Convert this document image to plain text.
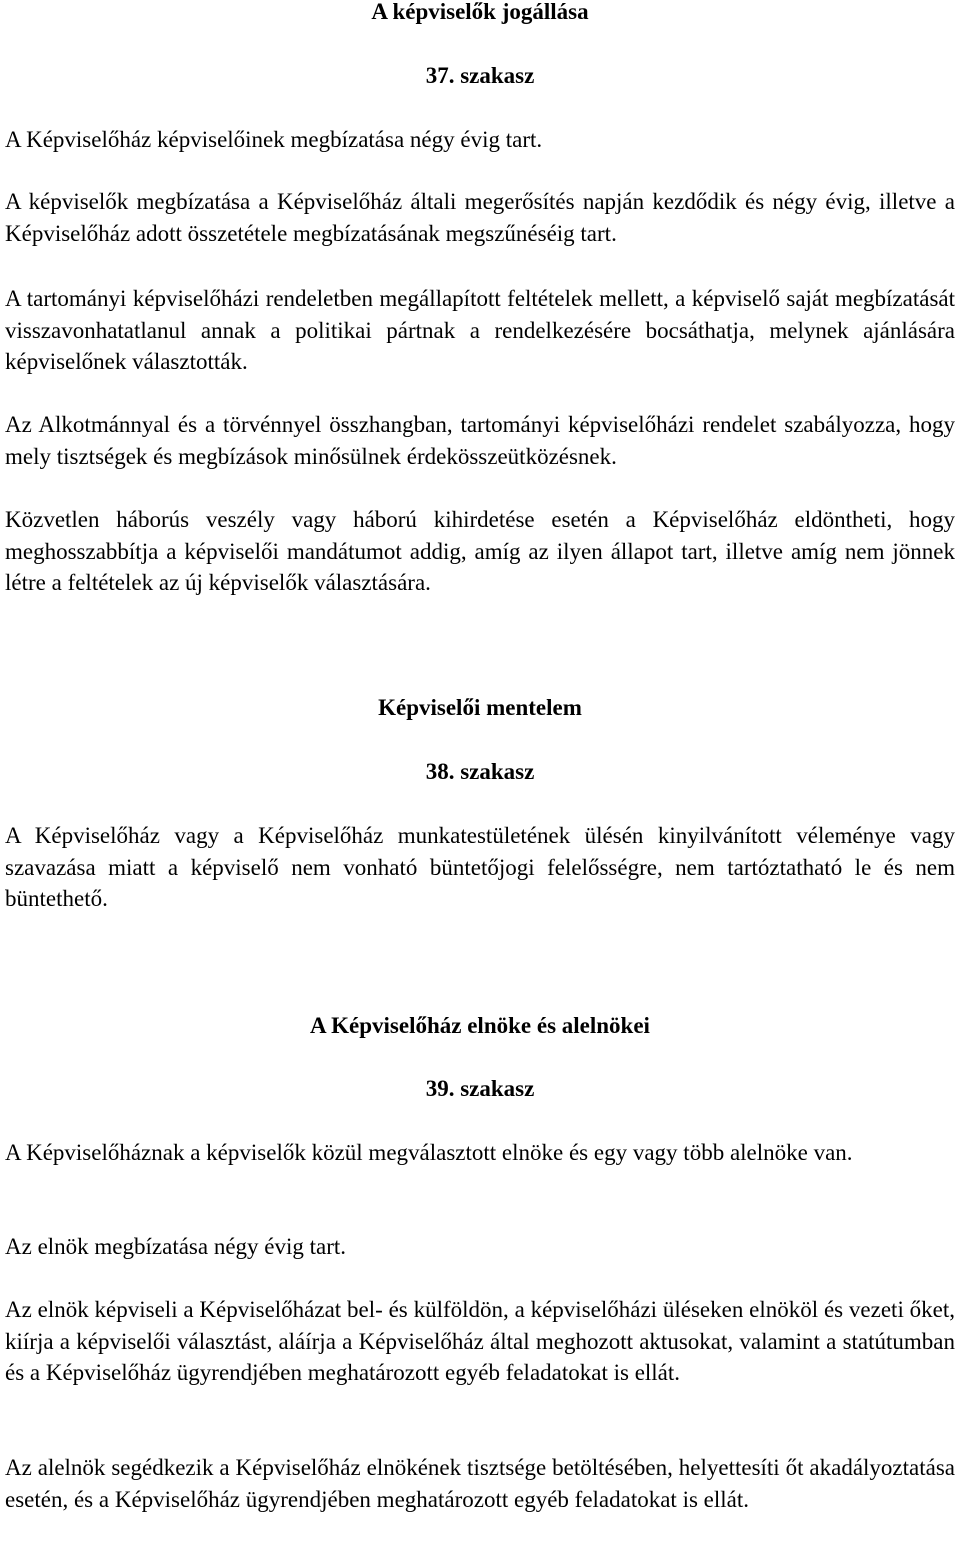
A képviselők jogállása
37. szakasz

A Képviselőház képviselőinek megbízatása négy évig tart.

A képviselők megbízatása a Képviselőház általi megerősítés napján kezdődik és négy évig, illetve a Képviselőház adott összetétele megbízatásának megszűnéséig tart.

A tartományi képviselőházi rendeletben megállapított feltételek mellett, a képviselő saját megbízatását visszavonhatatlanul annak a politikai pártnak a rendelkezésére bocsáthatja, melynek ajánlására képviselőnek választották.

Az Alkotmánnyal és a törvénnyel összhangban, tartományi képviselőházi rendelet szabályozza, hogy mely tisztségek és megbízások minősülnek érdekösszeütközésnek.

Közvetlen háborús veszély vagy háború kihirdetése esetén a Képviselőház eldöntheti, hogy meghosszabbítja a képviselői mandátumot addig, amíg az ilyen állapot tart, illetve amíg nem jönnek létre a feltételek az új képviselők választására.

Képviselői mentelem
38. szakasz

A Képviselőház vagy a Képviselőház munkatestületének ülésén kinyilvánított véleménye vagy szavazása miatt a képviselő nem vonható büntetőjogi felelősségre, nem tartóztatható le és nem büntethető.

A Képviselőház elnöke és alelnökei
39. szakasz

A Képviselőháznak a képviselők közül megválasztott elnöke és egy vagy több alelnöke van.

Az elnök megbízatása négy évig tart.

Az elnök képviseli a Képviselőházat bel- és külföldön, a képviselőházi üléseken elnököl és vezeti őket, kiírja a képviselői választást, aláírja a Képviselőház által meghozott aktusokat, valamint a statútumban és a Képviselőház ügyrendjében meghatározott egyéb feladatokat is ellát.

Az alelnök segédkezik a Képviselőház elnökének tisztsége betöltésében, helyettesíti őt akadályoztatása esetén, és a Képviselőház ügyrendjében meghatározott egyéb feladatokat is ellát.
